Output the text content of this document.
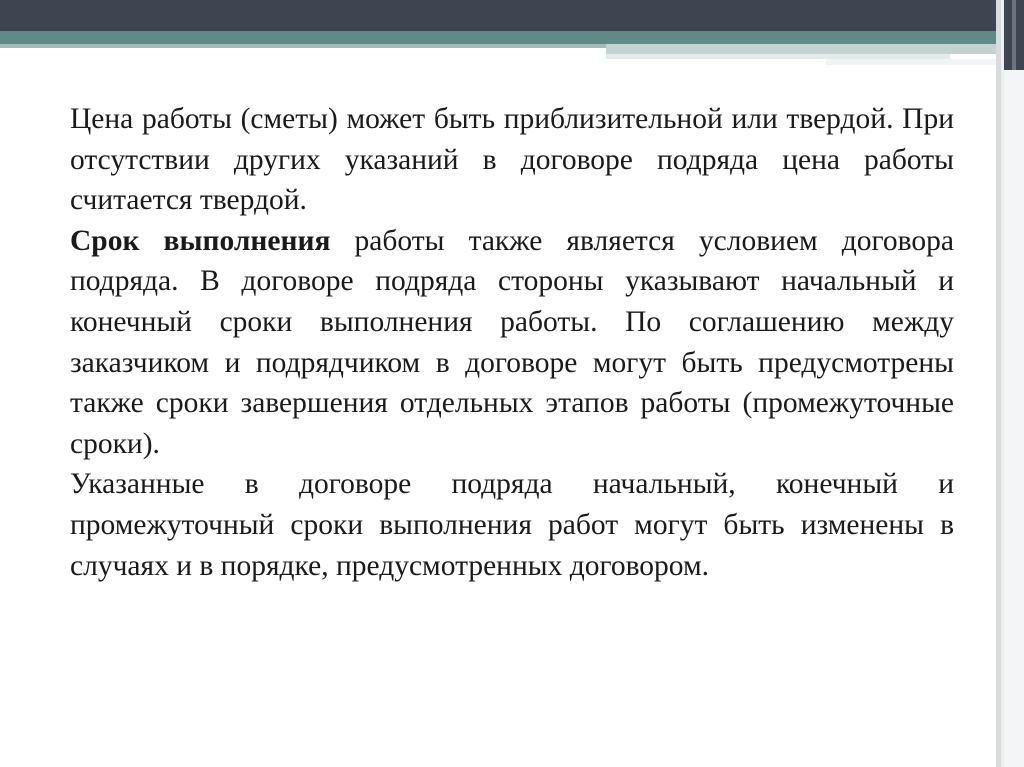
Цена работы (сметы) может быть приблизительной или твердой. При отсутствии других указаний в договоре подряда цена работы считается твердой.

Срок выполнения работы также является условием договора подряда. В договоре подряда стороны указывают начальный и конечный сроки выполнения работы. По соглашению между заказчиком и подрядчиком в договоре могут быть предусмотрены также сроки завершения отдельных этапов работы (промежуточные сроки).

Указанные в договоре подряда начальный, конечный и промежуточный сроки выполнения работ могут быть изменены в случаях и в порядке, предусмотренных договором.
